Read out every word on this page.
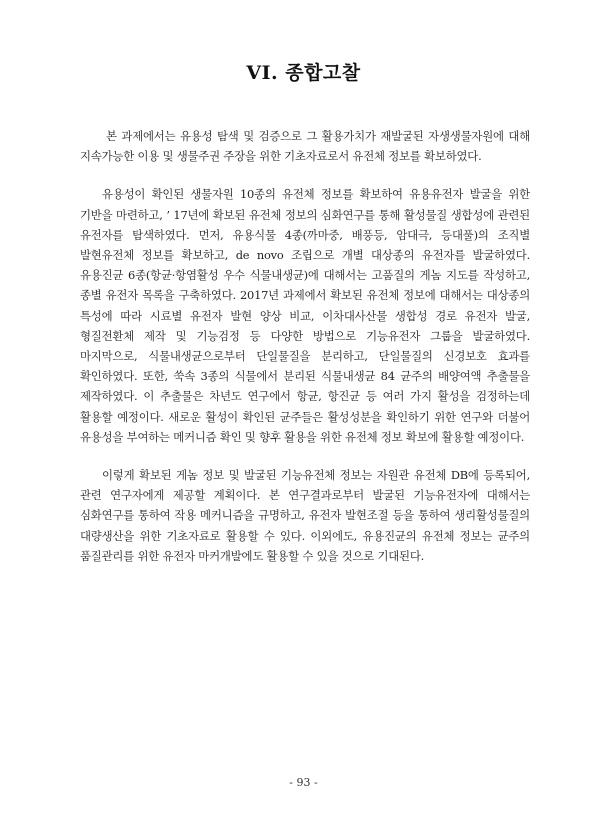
VI. 종합고찰

본 과제에서는 유용성 탐색 및 검증으로 그 활용가치가 재발굴된 자생생물자원에 대해 지속가능한 이용 및 생물주권 주장을 위한 기초자료로서 유전체 정보를 확보하였다.

유용성이 확인된 생물자원 10종의 유전체 정보를 확보하여 유용유전자 발굴을 위한 기반을 마련하고, ’ 17년에 확보된 유전체 정보의 심화연구를 통해 활성물질 생합성에 관련된 유전자를 탐색하였다. 먼저, 유용식물 4종(까마중, 배풍등, 암대극, 등대풀)의 조직별 발현유전체 정보를 확보하고, de novo 조립으로 개별 대상종의 유전자를 발굴하였다. 유용진균 6종(항균·항염활성 우수 식물내생균)에 대해서는 고품질의 게놈 지도를 작성하고, 종별 유전자 목록을 구축하였다. 2017년 과제에서 확보된 유전체 정보에 대해서는 대상종의 특성에 따라 시료별 유전자 발현 양상 비교, 이차대사산물 생합성 경로 유전자 발굴, 형질전환체 제작 및 기능검정 등 다양한 방법으로 기능유전자 그룹을 발굴하였다. 마지막으로, 식물내생균으로부터 단일물질을 분리하고, 단일물질의 신경보호 효과를 확인하였다. 또한, 쑥속 3종의 식물에서 분리된 식물내생균 84 균주의 배양여액 추출물을 제작하였다. 이 추출물은 차년도 연구에서 항균, 항진균 등 여러 가지 활성을 검정하는데 활용할 예정이다. 새로운 활성이 확인된 균주들은 활성성분을 확인하기 위한 연구와 더불어 유용성을 부여하는 메커니즘 확인 및 향후 활용을 위한 유전체 정보 확보에 활용할 예정이다.

이렇게 확보된 게놈 정보 및 발굴된 기능유전체 정보는 자원관 유전체 DB에 등록되어, 관련 연구자에게 제공할 계획이다. 본 연구결과로부터 발굴된 기능유전자에 대해서는 심화연구를 통하여 작용 메커니즘을 규명하고, 유전자 발현조절 등을 통하여 생리활성물질의 대량생산을 위한 기초자료로 활용할 수 있다. 이외에도, 유용진균의 유전체 정보는 균주의 품질관리를 위한 유전자 마커개발에도 활용할 수 있을 것으로 기대된다.

- 93 -
